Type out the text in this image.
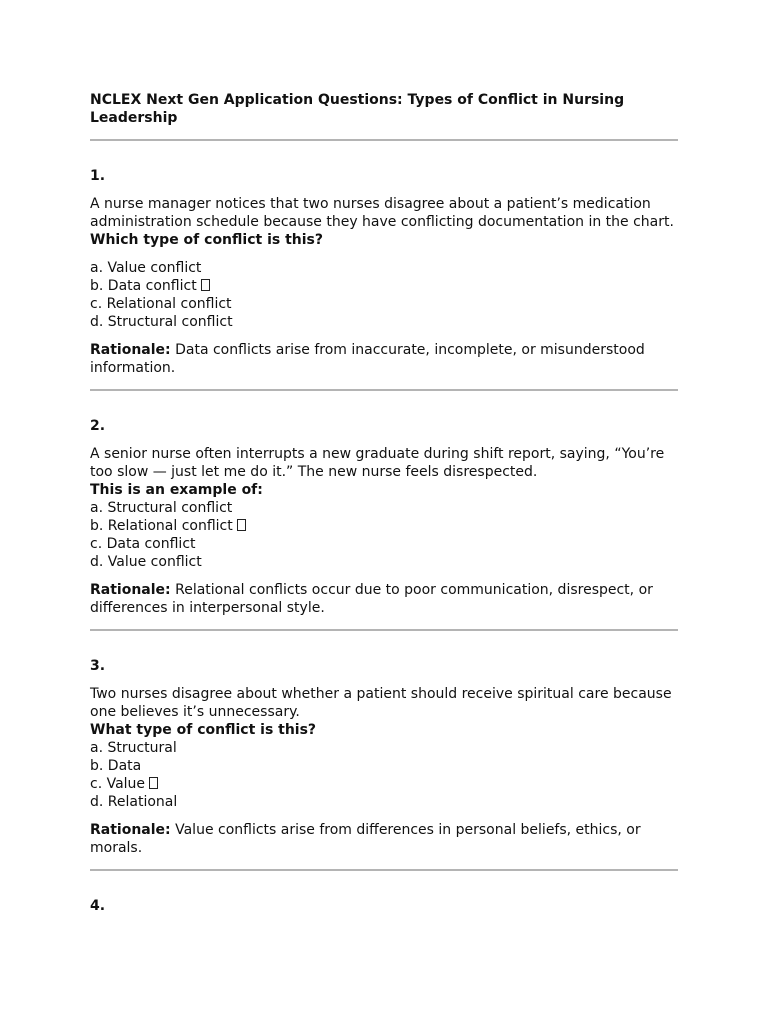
NCLEX Next Gen Application Questions: Types of Conflict in Nursing Leadership
1.
A nurse manager notices that two nurses disagree about a patient’s medication administration schedule because they have conflicting documentation in the chart.
Which type of conflict is this?
a. Value conflict
b. Data conflict
c. Relational conflict
d. Structural conflict
Rationale: Data conflicts arise from inaccurate, incomplete, or misunderstood information.
2.
A senior nurse often interrupts a new graduate during shift report, saying, “You’re too slow — just let me do it.” The new nurse feels disrespected.
This is an example of:
a. Structural conflict
b. Relational conflict
c. Data conflict
d. Value conflict
Rationale: Relational conflicts occur due to poor communication, disrespect, or differences in interpersonal style.
3.
Two nurses disagree about whether a patient should receive spiritual care because one believes it’s unnecessary.
What type of conflict is this?
a. Structural
b. Data
c. Value
d. Relational
Rationale: Value conflicts arise from differences in personal beliefs, ethics, or morals.
4.
